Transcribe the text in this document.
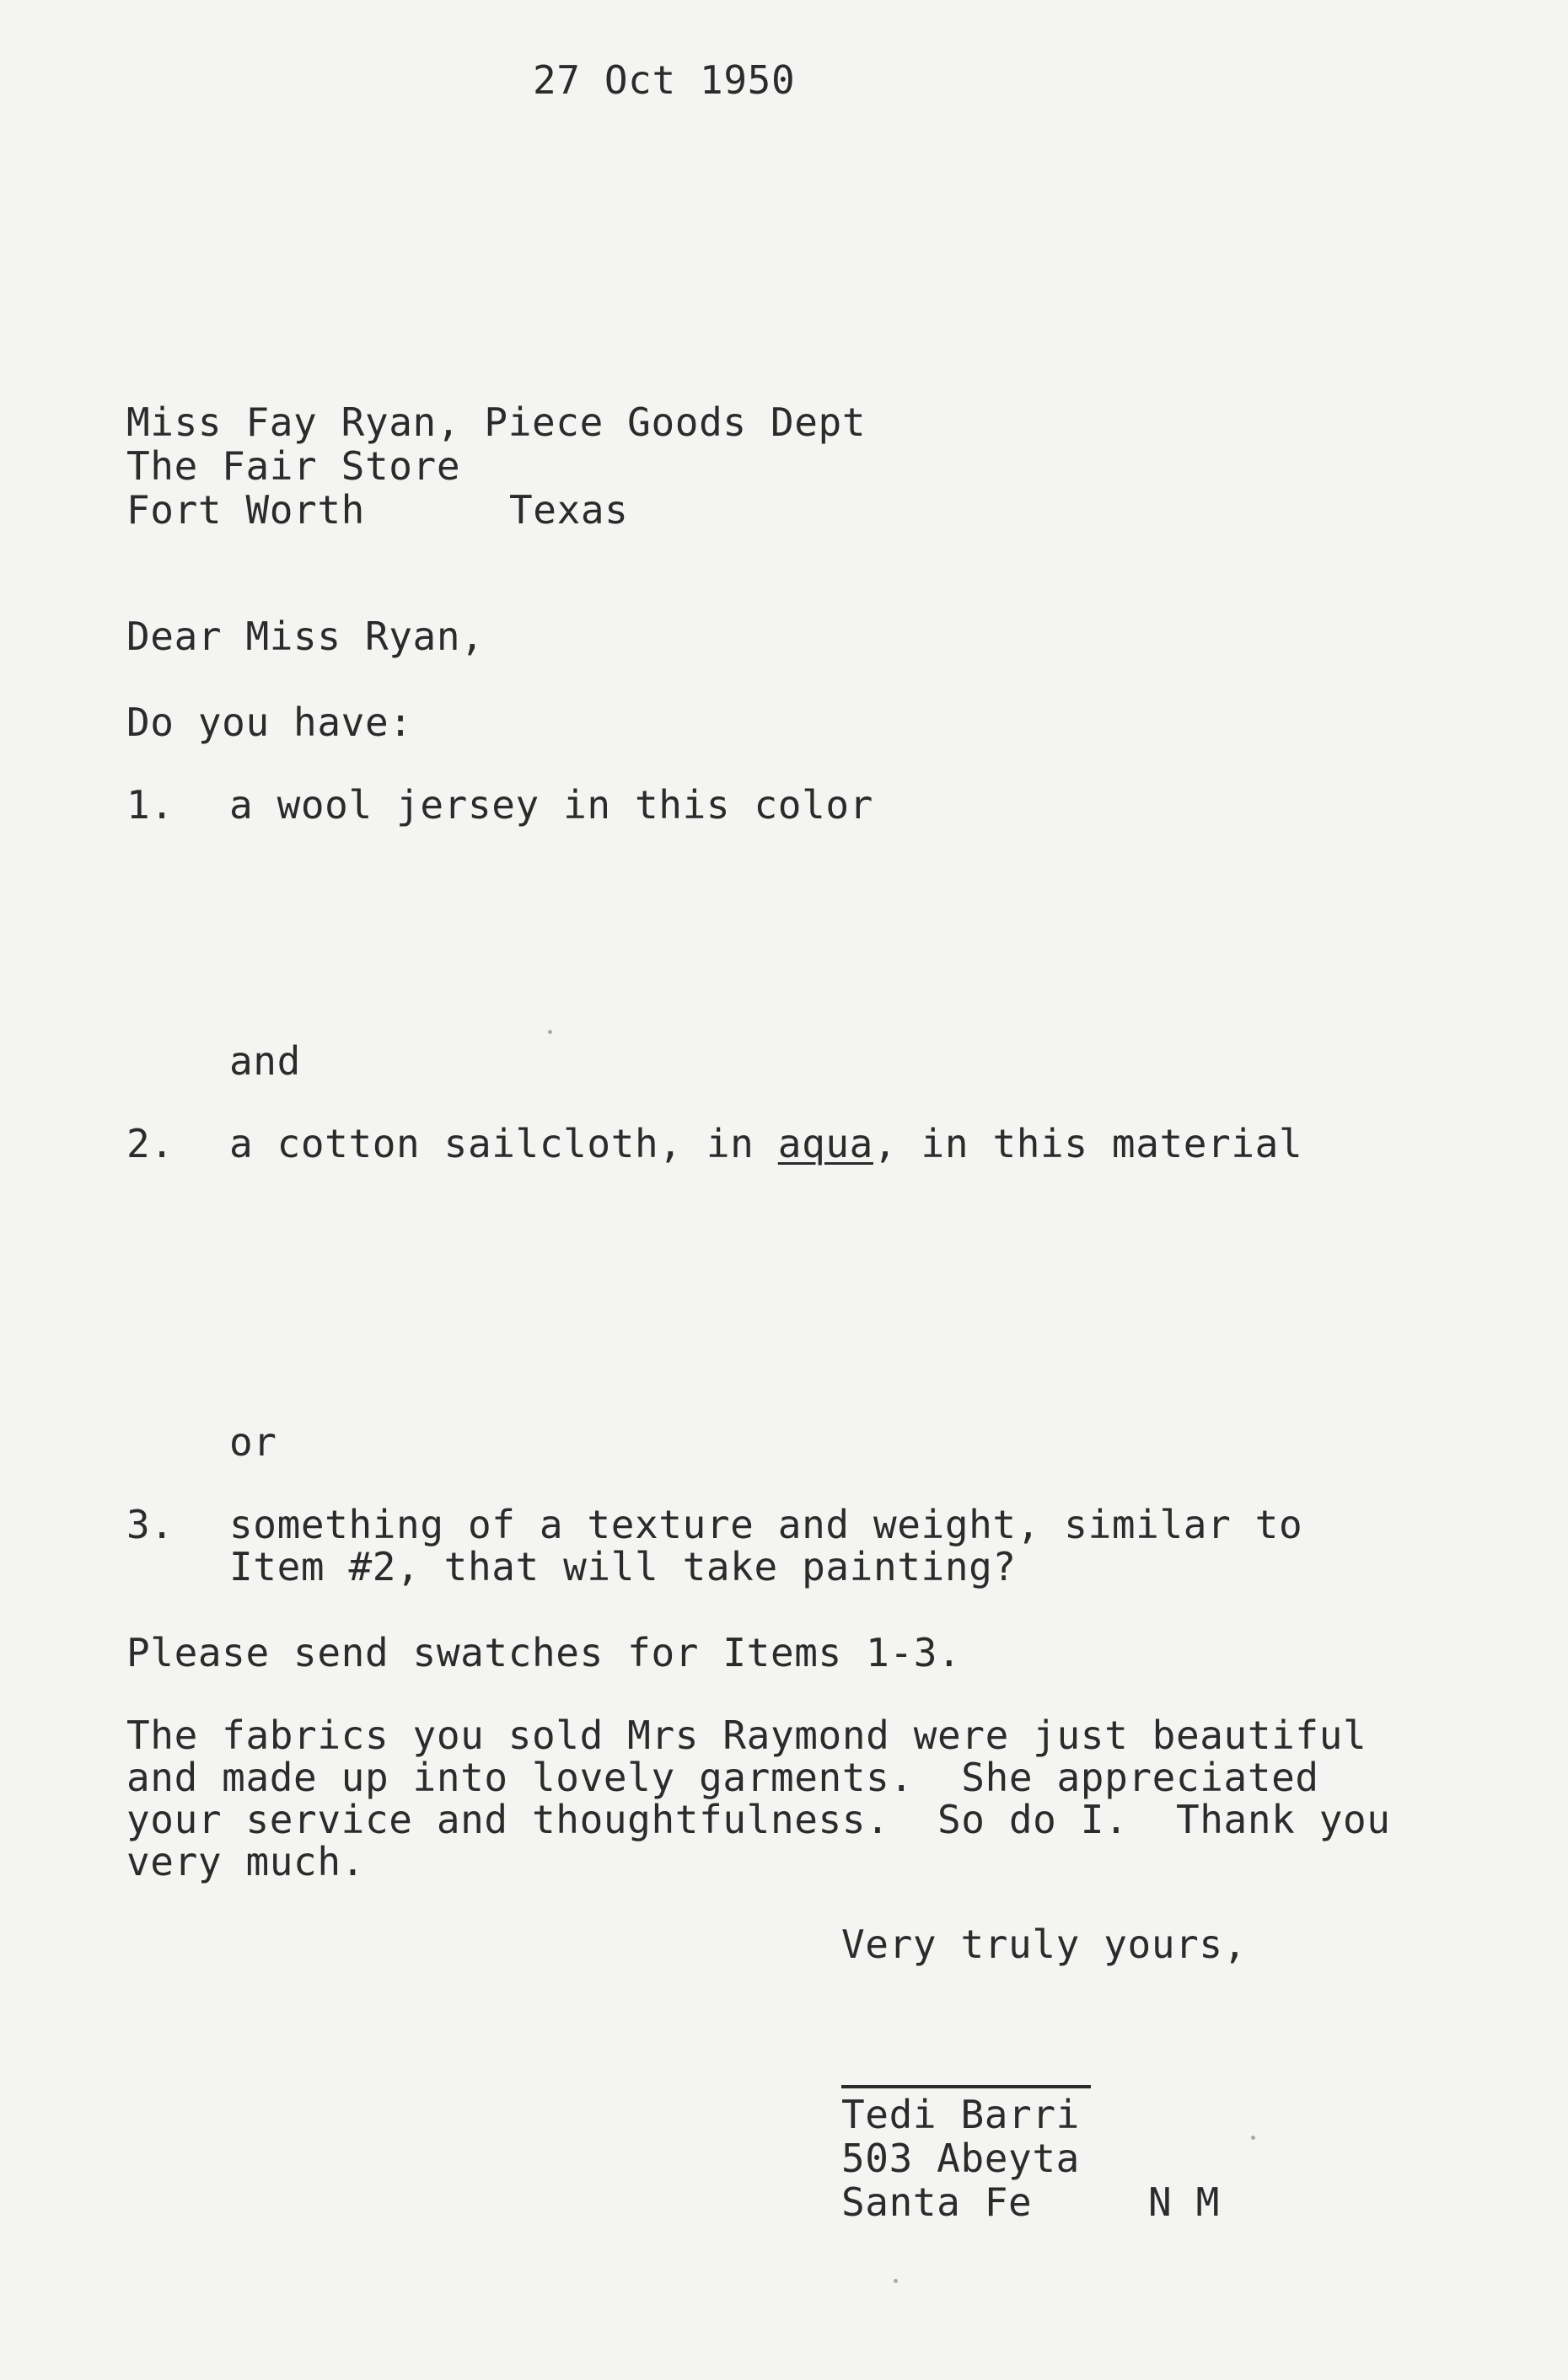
27 Oct 1950
Miss Fay Ryan, Piece Goods Dept
The Fair Store
Fort Worth	Texas
Dear Miss Ryan,
Do you have:
1. a wool jersey in this color
and
2. a cotton sailcloth, in aqua, in this material
or
3. something of a texture and weight, similar to
Item #2, that will take painting?
Please send swatches for Items 1-3.
The fabrics you sold Mrs Raymond were just beautiful
and made up into lovely garments.  She appreciated
your service and thoughtfulness.  So do I.  Thank you
very much.
Very truly yours,
Tedi Barri
503 Abeyta
Santa Fe	N M
